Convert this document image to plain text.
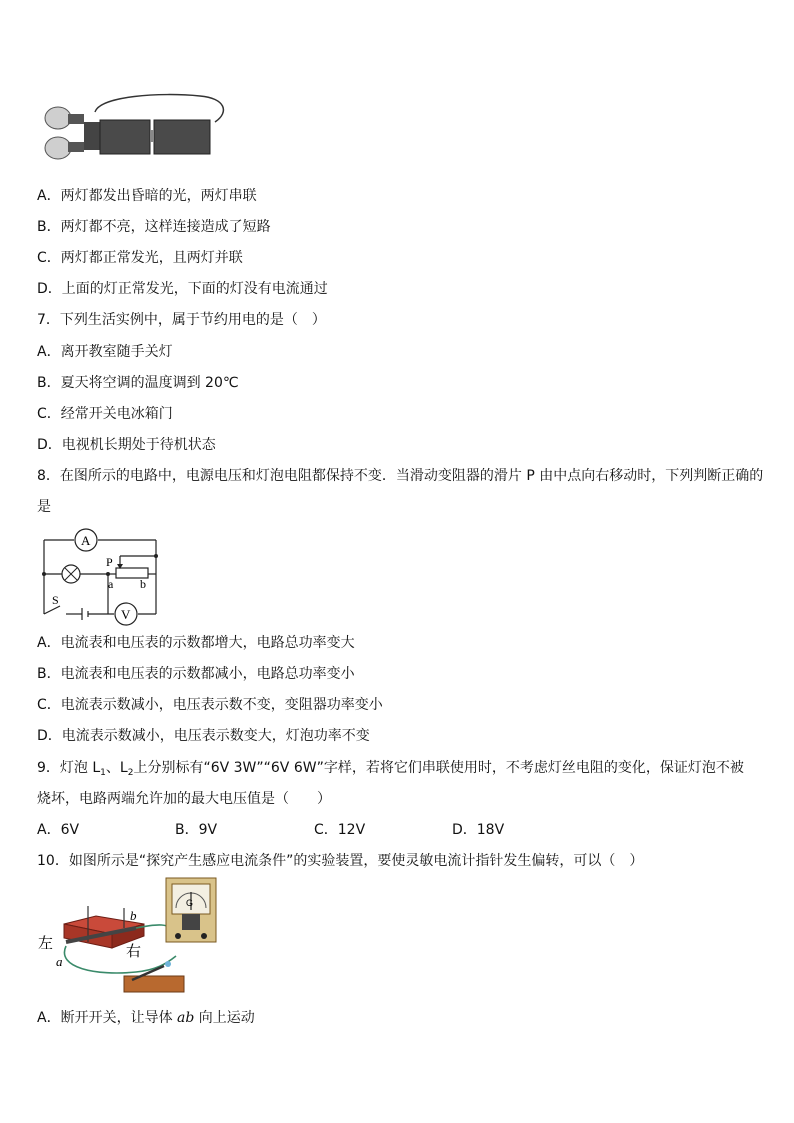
A．两灯都发出昏暗的光，两灯串联
B．两灯都不亮，这样连接造成了短路
C．两灯都正常发光，且两灯并联
D．上面的灯正常发光，下面的灯没有电流通过
7．下列生活实例中，属于节约用电的是（　）
A．离开教室随手关灯
B．夏天将空调的温度调到 20℃
C．经常开关电冰箱门
D．电视机长期处于待机状态
8．在图所示的电路中，电源电压和灯泡电阻都保持不变．当滑动变阻器的滑片 P 由中点向右移动时，下列判断正确的
是
A
V
P
a b
S
A．电流表和电压表的示数都增大，电路总功率变大
B．电流表和电压表的示数都减小，电路总功率变小
C．电流表示数减小，电压表示数不变，变阻器功率变小
D．电流表示数减小，电压表示数变大，灯泡功率不变
9．灯泡 $L_1$、$L_2$上分别标有“6V 3W”“6V 6W”字样，若将它们串联使用时，不考虑灯丝电阻的变化，保证灯泡不被
烧坏，电路两端允许加的最大电压值是（　　）
A．6V	B．9V	C．12V	D．18V
10．如图所示是“探究产生感应电流条件”的实验装置，要使灵敏电流计指针发生偏转，可以（　）
G
左	右
a
b
A．断开开关，让导体 ab 向上运动
